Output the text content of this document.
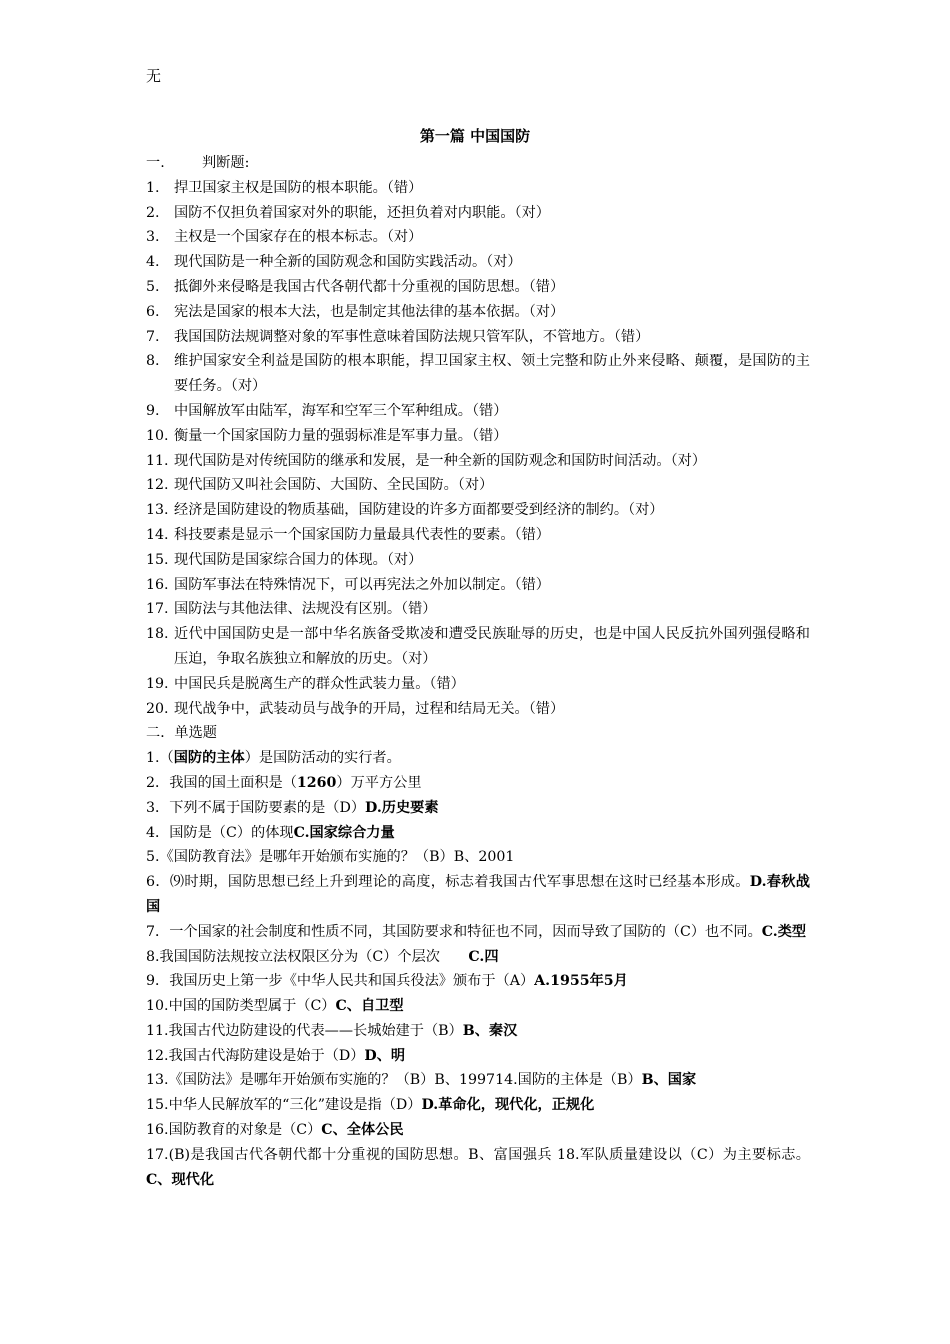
无
第一篇 中国国防
一.	判断题:
1.	捍卫国家主权是国防的根本职能。（错）
2.	国防不仅担负着国家对外的职能，还担负着对内职能。（对）
3.	主权是一个国家存在的根本标志。（对）
4.	现代国防是一种全新的国防观念和国防实践活动。（对）
5.	抵御外来侵略是我国古代各朝代都十分重视的国防思想。（错）
6.	宪法是国家的根本大法，也是制定其他法律的基本依据。（对）
7.	我国国防法规调整对象的军事性意味着国防法规只管军队，不管地方。（错）
8.	维护国家安全利益是国防的根本职能，捍卫国家主权、领土完整和防止外来侵略、颠覆，是国防的主要任务。（对）
9.	中国解放军由陆军，海军和空军三个军种组成。（错）
10. 衡量一个国家国防力量的强弱标准是军事力量。（错）
11. 现代国防是对传统国防的继承和发展，是一种全新的国防观念和国防时间活动。（对）
12. 现代国防又叫社会国防、大国防、全民国防。（对）
13. 经济是国防建设的物质基础，国防建设的许多方面都要受到经济的制约。（对）
14. 科技要素是显示一个国家国防力量最具代表性的要素。（错）
15. 现代国防是国家综合国力的体现。（对）
16. 国防军事法在特殊情况下，可以再宪法之外加以制定。（错）
17. 国防法与其他法律、法规没有区别。（错）
18. 近代中国国防史是一部中华名族备受欺凌和遭受民族耻辱的历史，也是中国人民反抗外国列强侵略和压迫，争取名族独立和解放的历史。（对）
19. 中国民兵是脱离生产的群众性武装力量。（错）
20. 现代战争中，武装动员与战争的开局，过程和结局无关。（错）
二．单选题
1.（国防的主体）是国防活动的实行者。
2．我国的国土面积是（1260）万平方公里
3．下列不属于国防要素的是（D）D.历史要素
4．国防是（C）的体现C.国家综合力量
5.《国防教育法》是哪年开始颁布实施的？（B）B、2001
6．⑼时期，国防思想已经上升到理论的高度，标志着我国古代军事思想在这时已经基本形成。D.春秋战国
7．一个国家的社会制度和性质不同，其国防要求和特征也不同，因而导致了国防的（C）也不同。C.类型
8.我国国防法规按立法权限区分为（C）个层次　　C.四
9．我国历史上第一步《中华人民共和国兵役法》颁布于（A）A.1955年5月
10.中国的国防类型属于（C）C、自卫型
11.我国古代边防建设的代表——长城始建于（B）B、秦汉
12.我国古代海防建设是始于（D）D、明
13.《国防法》是哪年开始颁布实施的？（B）B、199714.国防的主体是（B）B、国家
15.中华人民解放军的“三化”建设是指（D）D.革命化，现代化，正规化
16.国防教育的对象是（C）C、全体公民
17.(B)是我国古代各朝代都十分重视的国防思想。B、富国强兵 18.军队质量建设以（C）为主要标志。C、现代化
